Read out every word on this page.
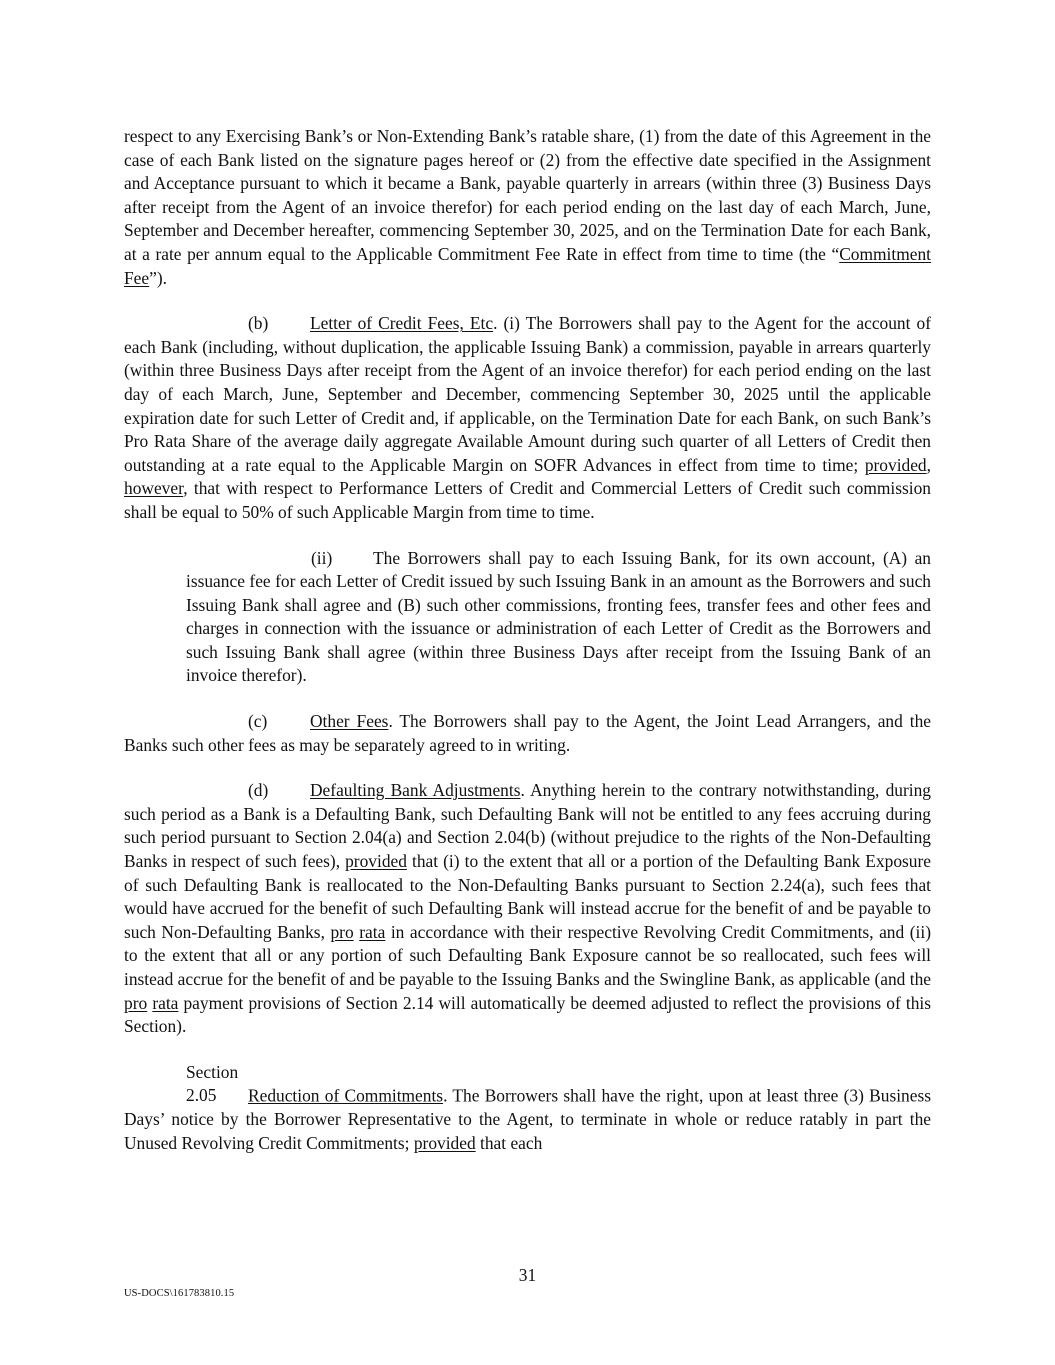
respect to any Exercising Bank’s or Non-Extending Bank’s ratable share, (1) from the date of this Agreement in the case of each Bank listed on the signature pages hereof or (2) from the effective date specified in the Assignment and Acceptance pursuant to which it became a Bank, payable quarterly in arrears (within three (3) Business Days after receipt from the Agent of an invoice therefor) for each period ending on the last day of each March, June, September and December hereafter, commencing September 30, 2025, and on the Termination Date for each Bank, at a rate per annum equal to the Applicable Commitment Fee Rate in effect from time to time (the “Commitment Fee”).

(b) Letter of Credit Fees, Etc. (i) The Borrowers shall pay to the Agent for the account of each Bank (including, without duplication, the applicable Issuing Bank) a commission, payable in arrears quarterly (within three Business Days after receipt from the Agent of an invoice therefor) for each period ending on the last day of each March, June, September and December, commencing September 30, 2025 until the applicable expiration date for such Letter of Credit and, if applicable, on the Termination Date for each Bank, on such Bank’s Pro Rata Share of the average daily aggregate Available Amount during such quarter of all Letters of Credit then outstanding at a rate equal to the Applicable Margin on SOFR Advances in effect from time to time; provided, however, that with respect to Performance Letters of Credit and Commercial Letters of Credit such commission shall be equal to 50% of such Applicable Margin from time to time.

(ii) The Borrowers shall pay to each Issuing Bank, for its own account, (A) an issuance fee for each Letter of Credit issued by such Issuing Bank in an amount as the Borrowers and such Issuing Bank shall agree and (B) such other commissions, fronting fees, transfer fees and other fees and charges in connection with the issuance or administration of each Letter of Credit as the Borrowers and such Issuing Bank shall agree (within three Business Days after receipt from the Issuing Bank of an invoice therefor).

(c) Other Fees. The Borrowers shall pay to the Agent, the Joint Lead Arrangers, and the Banks such other fees as may be separately agreed to in writing.

(d) Defaulting Bank Adjustments. Anything herein to the contrary notwithstanding, during such period as a Bank is a Defaulting Bank, such Defaulting Bank will not be entitled to any fees accruing during such period pursuant to Section 2.04(a) and Section 2.04(b) (without prejudice to the rights of the Non-Defaulting Banks in respect of such fees), provided that (i) to the extent that all or a portion of the Defaulting Bank Exposure of such Defaulting Bank is reallocated to the Non-Defaulting Banks pursuant to Section 2.24(a), such fees that would have accrued for the benefit of such Defaulting Bank will instead accrue for the benefit of and be payable to such Non-Defaulting Banks, pro rata in accordance with their respective Revolving Credit Commitments, and (ii) to the extent that all or any portion of such Defaulting Bank Exposure cannot be so reallocated, such fees will instead accrue for the benefit of and be payable to the Issuing Banks and the Swingline Bank, as applicable (and the pro rata payment provisions of Section 2.14 will automatically be deemed adjusted to reflect the provisions of this Section).

Section 2.05 Reduction of Commitments. The Borrowers shall have the right, upon at least three (3) Business Days’ notice by the Borrower Representative to the Agent, to terminate in whole or reduce ratably in part the Unused Revolving Credit Commitments; provided that each

31
US-DOCS\161783810.15
